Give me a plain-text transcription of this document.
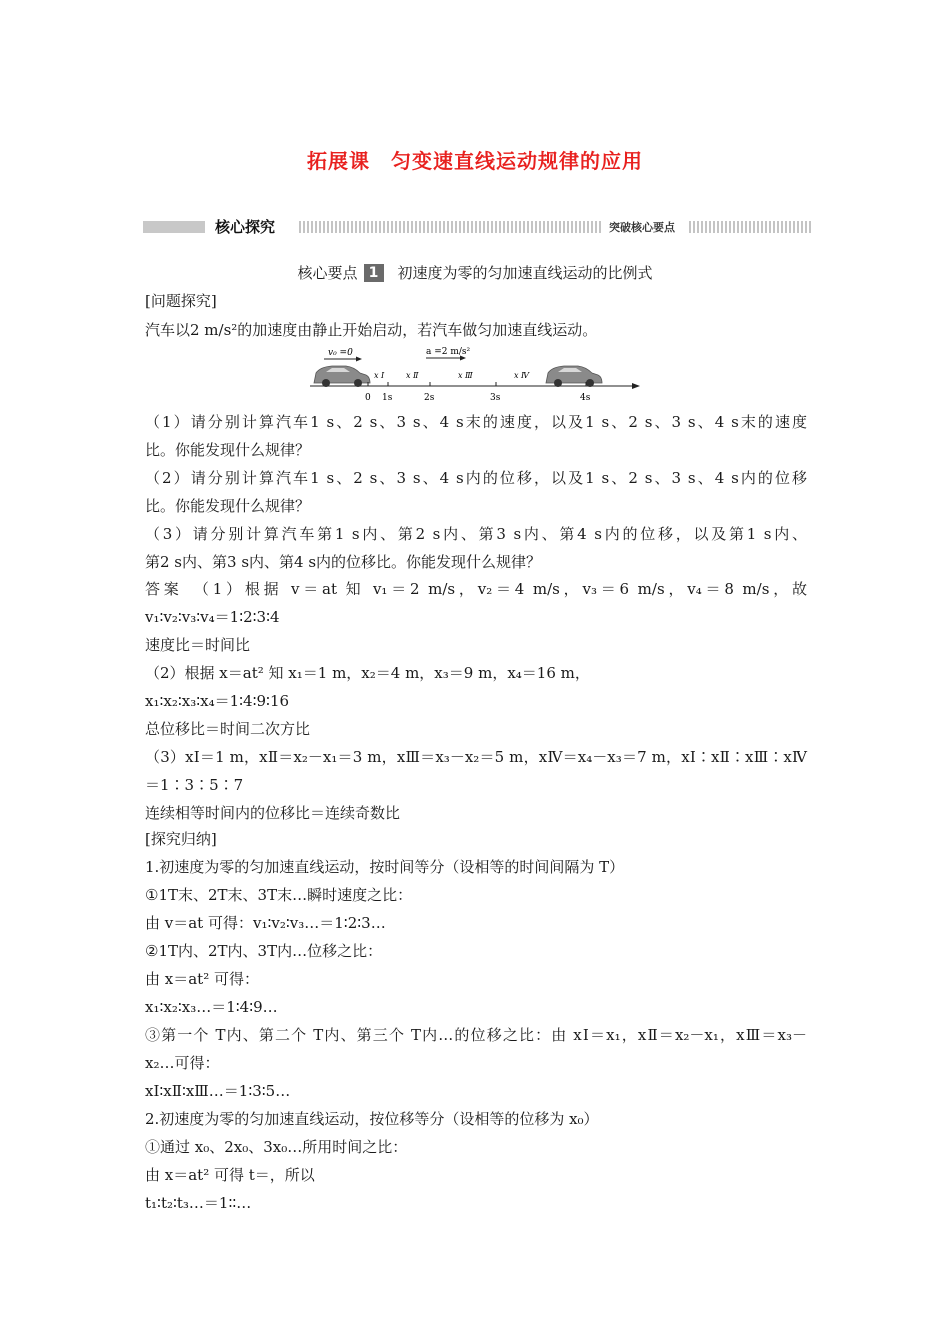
拓展课　匀变速直线运动规律的应用
核心探究	突破核心要点
核心要点 1 初速度为零的匀加速直线运动的比例式
v₀ =0	a =2 m/s²
x Ⅰ	x Ⅱ	x Ⅲ	x Ⅳ
0 1s	2s	3s	4s
[问题探究]
汽车以2 m/s²的加速度由静止开始启动，若汽车做匀加速直线运动。
（1）请分别计算汽车1 s、2 s、3 s、4 s末的速度，以及1 s、2 s、3 s、4 s末的速度
比。你能发现什么规律？
（2）请分别计算汽车1 s、2 s、3 s、4 s内的位移，以及1 s、2 s、3 s、4 s内的位移
比。你能发现什么规律？
（3）请分别计算汽车第1 s内、第2 s内、第3 s内、第4 s内的位移，以及第1 s内、
第2 s内、第3 s内、第4 s内的位移比。你能发现什么规律？
答案　（1）根据 v＝at 知 v₁＝2 m/s，v₂＝4 m/s，v₃＝6 m/s，v₄＝8 m/s，故
v₁∶v₂∶v₃∶v₄＝1∶2∶3∶4
速度比＝时间比
（2）根据 x＝at² 知 x₁＝1 m，x₂＝4 m，x₃＝9 m，x₄＝16 m，
x₁∶x₂∶x₃∶x₄＝1∶4∶9∶16
总位移比＝时间二次方比
（3）xⅠ＝1 m，xⅡ＝x₂－x₁＝3 m，xⅢ＝x₃－x₂＝5 m，xⅣ＝x₄－x₃＝7 m，xⅠ∶xⅡ∶xⅢ∶xⅣ
＝1∶3∶5∶7
连续相等时间内的位移比＝连续奇数比
[探究归纳]
1.初速度为零的匀加速直线运动，按时间等分（设相等的时间间隔为 T）
①1T末、2T末、3T末…瞬时速度之比：
由 v＝at 可得：v₁∶v₂∶v₃…＝1∶2∶3…
②1T内、2T内、3T内…位移之比：
由 x＝at² 可得：
x₁∶x₂∶x₃…＝1∶4∶9…
③第一个 T内、第二个 T内、第三个 T内…的位移之比：由 xⅠ＝x₁，xⅡ＝x₂－x₁，xⅢ＝x₃－
x₂…可得：
xⅠ∶xⅡ∶xⅢ…＝1∶3∶5…
2.初速度为零的匀加速直线运动，按位移等分（设相等的位移为 x₀）
①通过 x₀、2x₀、3x₀…所用时间之比：
由 x＝at² 可得 t＝，所以
t₁∶t₂∶t₃…＝1∶∶…
